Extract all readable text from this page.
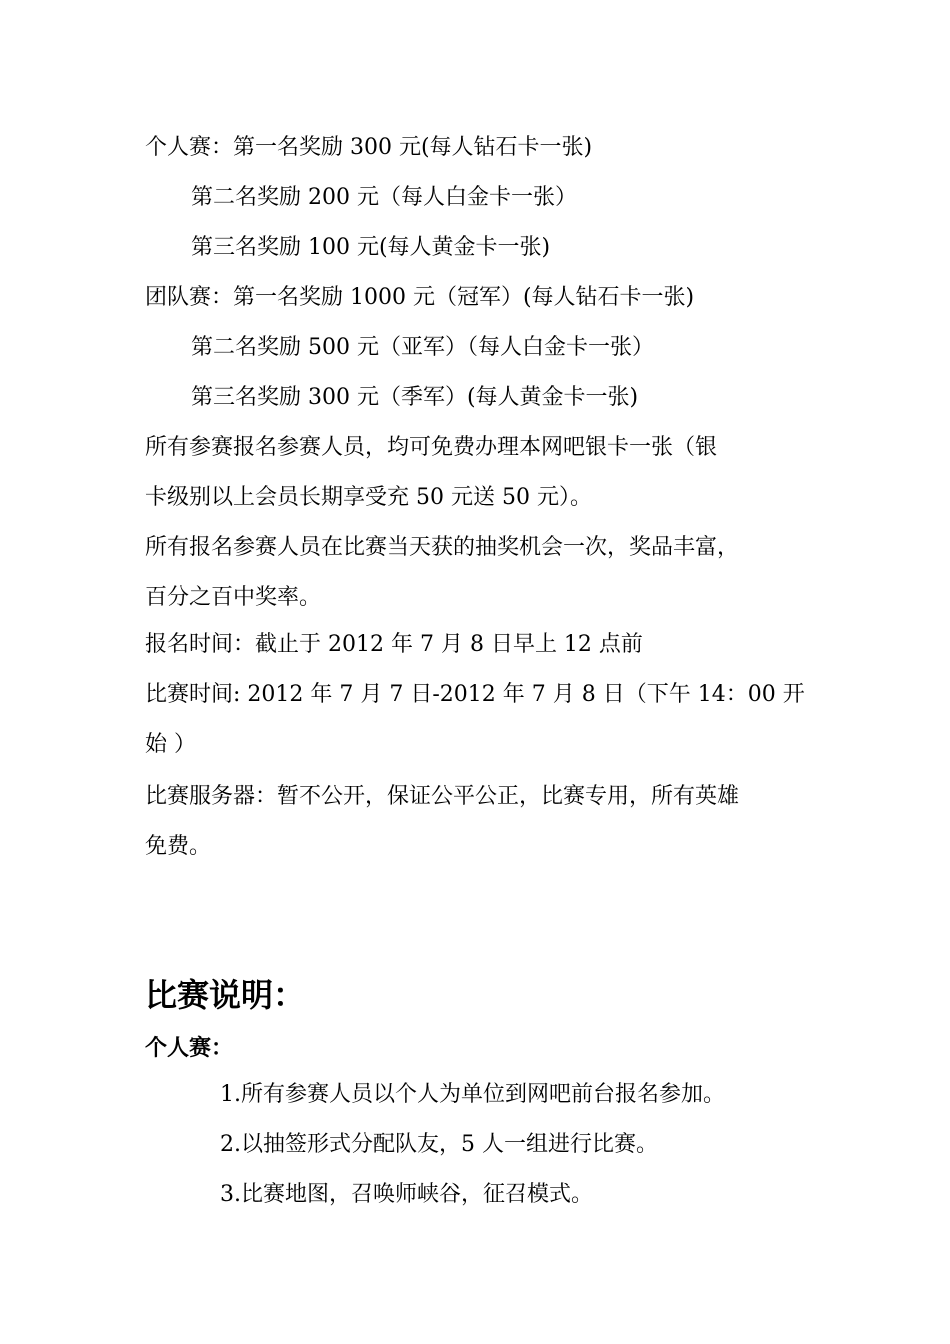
个人赛：第一名奖励 300 元(每人钻石卡一张)
第二名奖励 200 元（每人白金卡一张）
第三名奖励 100 元(每人黄金卡一张)
团队赛：第一名奖励 1000 元（冠军）(每人钻石卡一张)
第二名奖励 500 元（亚军）（每人白金卡一张）
第三名奖励 300 元（季军）(每人黄金卡一张)
所有参赛报名参赛人员，均可免费办理本网吧银卡一张（银
卡级别以上会员长期享受充 50 元送 50 元）。
所有报名参赛人员在比赛当天获的抽奖机会一次，奖品丰富，
百分之百中奖率。
报名时间：截止于 2012 年 7 月 8 日早上 12 点前
比赛时间: 2012 年 7 月 7 日-2012 年 7 月 8 日（下午 14：00 开
始 ）
比赛服务器：暂不公开，保证公平公正，比赛专用，所有英雄
免费。
比赛说明：
个人赛：
1.所有参赛人员以个人为单位到网吧前台报名参加。
2.以抽签形式分配队友，5 人一组进行比赛。
3.比赛地图，召唤师峡谷，征召模式。
